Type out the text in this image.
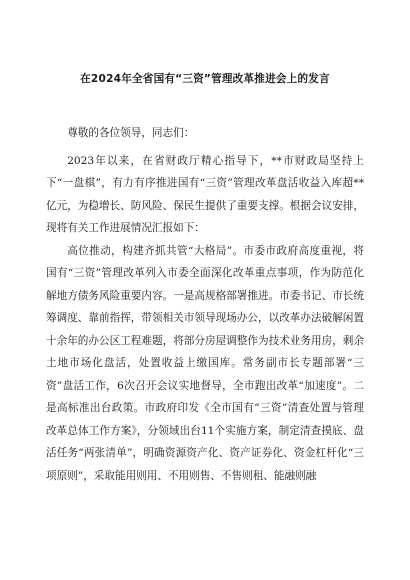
在2024年全省国有“三资”管理改革推进会上的发言

尊敬的各位领导，同志们：

2023年以来，在省财政厅精心指导下，**市财政局坚持上下“一盘棋”，有力有序推进国有“三资”管理改革盘活收益入库超**亿元，为稳增长、防风险、保民生提供了重要支撑。根据会议安排，现将有关工作进展情况汇报如下：

高位推动，构建齐抓共管“大格局”。市委市政府高度重视，将国有“三资”管理改革列入市委全面深化改革重点事项，作为防范化解地方债务风险重要内容。一是高规格部署推进。市委书记、市长统筹调度、靠前指挥，带领相关市领导现场办公，以改革办法破解闲置十余年的办公区工程难题，将部分房屋调整作为技术业务用房，剩余土地市场化盘活，处置收益上缴国库。常务副市长专题部署“三资”盘活工作，6次召开会议实地督导，全市跑出改革“加速度”。二是高标准出台政策。市政府印发《全市国有“三资”清查处置与管理改革总体工作方案》，分领域出台11个实施方案，制定清查摸底、盘活任务“两张清单”，明确资源资产化、资产证券化、资金杠杆化“三项原则”，采取能用则用、不用则售、不售则租、能融则融
